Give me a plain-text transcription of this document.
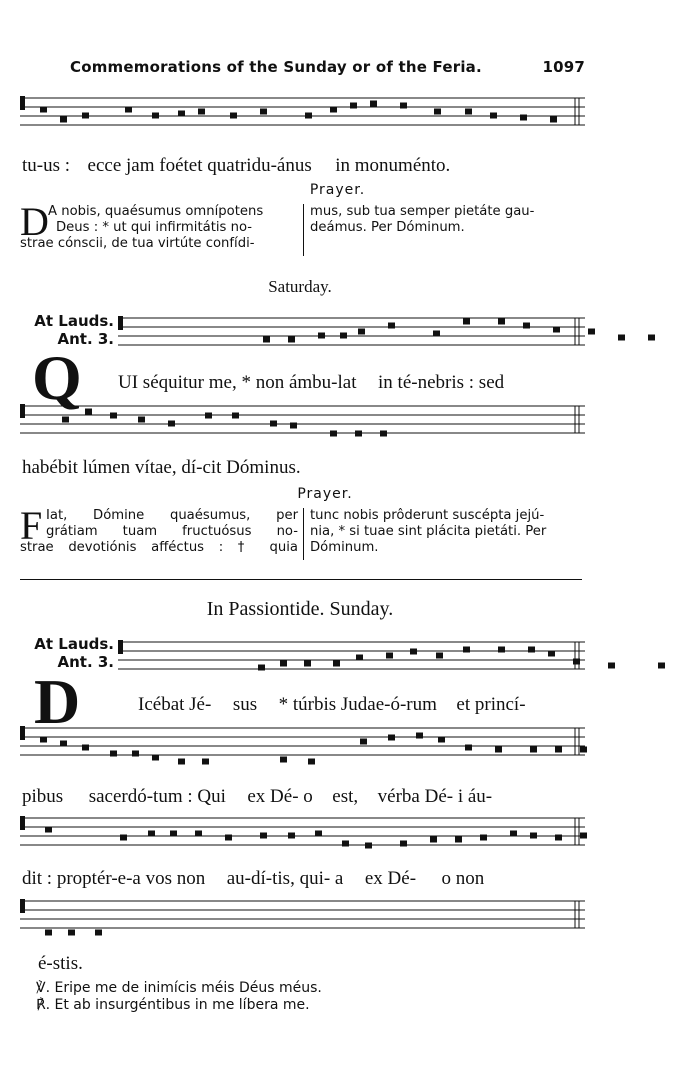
Commemorations of the Sunday or of the Feria.	1097
tu-us : ecce jam foétet quatridu-ánus in monuménto.
Prayer.
D A nobis, quaésumus omnípotens
Deus : * ut qui infirmitátis no-
strae cónscii, de tua virtúte confídi-
mus, sub tua semper pietáte gau-
deámus. Per Dóminum.
Saturday.
At Lauds.
Ant. 3.
Q UI séquitur me, * non ámbu-lat in té-nebris : sed
habébit lúmen vítae, dí-cit Dóminus.
Prayer.
F Iat, Dómine quaésumus, per
grátiam tuam fructuósus no-
strae devotiónis afféctus : † quia
tunc nobis prôderunt suscépta jejú-
nia, * si tuae sint plácita pietáti. Per
Dóminum.
In Passiontide. Sunday.
At Lauds.
Ant. 3.
D	Icébat Jé- sus * túrbis Judae-ó-rum et princí-
pibus sacerdó-tum : Qui ex Dé- o est, vérba Dé- i áu-
dit : proptér-e-a vos non au-dí-tis, qui- a ex Dé- o non
é-stis.
℣. Eripe me de inimícis méis Déus méus.
℟. Et ab insurgéntibus in me líbera me.
